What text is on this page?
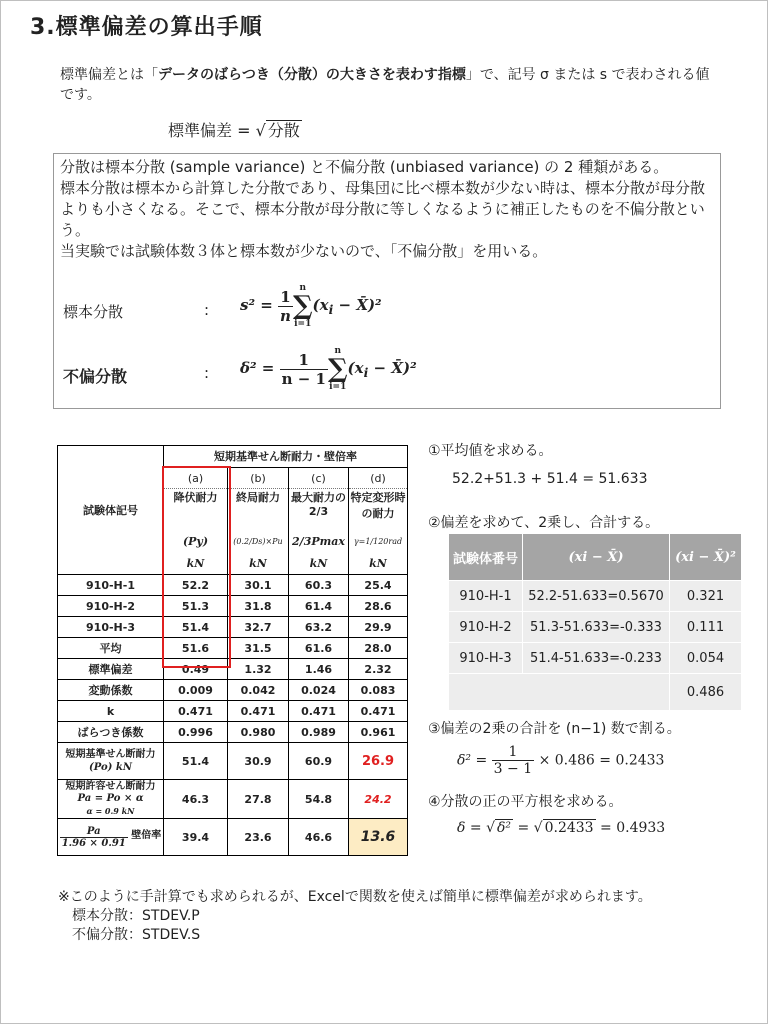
3.標準偏差の算出手順
標準偏差とは「データのばらつき（分散）の大きさを表わす指標」で、記号 σ または s で表わされる値です。
標準偏差 = √ 分散
分散は標本分散 (sample variance) と不偏分散 (unbiased variance) の 2 種類がある。
標本分散は標本から計算した分散であり、母集団に比べ標本数が少ない時は、標本分散が母分散よりも小さくなる。そこで、標本分散が母分散に等しくなるように補正したものを不偏分散という。
当実験では試験体数３体と標本数が少ないので、「不偏分散」を用いる。
標本分散	: $s^2 = \frac{1}{n}$ n
∑
i=1
($x_i$ − X̄)²
不偏分散	: $\delta^2 = \frac{1}{n - 1}$ n
∑
i=1
($x_i$ − X̄)²
試験体記号	短期基準せん断耐力・壁倍率			
	(a)	(b)	(c)	(d)
	降伏耐力	終局耐力	最大耐力の2/3	特定変形時の耐力
	(Py)	(0.2/Ds)×Pu	2/3Pmax	γ=1/120rad
	kN	kN	kN	kN

910-H-1	52.2	30.1	60.3	25.4
910-H-2	51.3	31.8	61.4	28.6
910-H-3	51.4	32.7	63.2	29.9
平均	51.6	31.5	61.6	28.0
標準偏差	0.49	1.32	1.46	2.32
変動係数	0.009	0.042	0.024	0.083
k	0.471	0.471	0.471	0.471
ばらつき係数	0.996	0.980	0.989	0.961

短期基準せん断耐力
(Po) kN	51.4	30.9	60.9	26.9

短期許容せん断耐力
Pa = Po × α
α = 0.9 kN	46.3	27.8	54.8	24.2

$\frac{Pa}{1.96 \times 0.91}$ 壁倍率	39.4	23.6	46.6	13.6
①平均値を求める。
52.2+51.3 + 51.4 = 51.633
②偏差を求めて、2乗し、合計する。
試験体番号	(xi − X̄)	(xi − X̄)²
910-H-1	52.2-51.633=0.5670	0.321
910-H-2	51.3-51.633=-0.333	0.111
910-H-3	51.4-51.633=-0.233	0.054
		0.486
③偏差の2乗の合計を (n−1) 数で割る。
$\delta^2 = \frac{1}{3 - 1} \times 0.486 = 0.2433$
④分散の正の平方根を求める。
δ = √ δ² = √ 0.2433 = 0.4933
※このように手計算でも求められるが、Excelで関数を使えば簡単に標準偏差が求められます。
標本分散：STDEV.P
不偏分散：STDEV.S
